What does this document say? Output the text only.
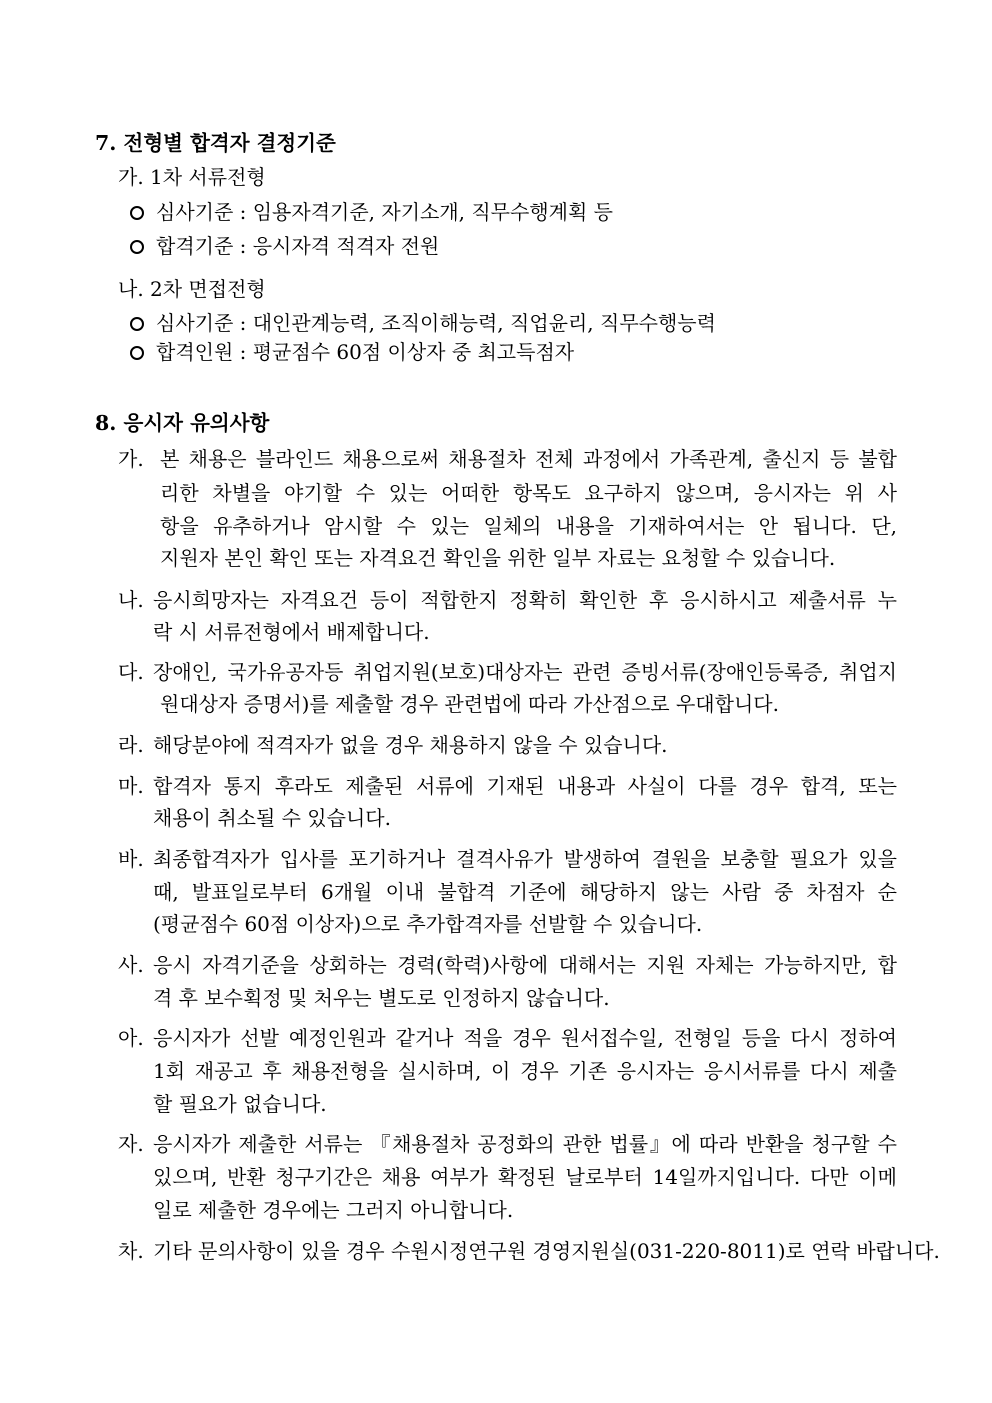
7. 전형별 합격자 결정기준
가. 1차 서류전형
심사기준 : 임용자격기준, 자기소개, 직무수행계획 등
합격기준 : 응시자격 적격자 전원
나. 2차 면접전형
심사기준 : 대인관계능력, 조직이해능력, 직업윤리, 직무수행능력
합격인원 : 평균점수 60점 이상자 중 최고득점자
8. 응시자 유의사항
가. 본 채용은 블라인드 채용으로써 채용절차 전체 과정에서 가족관계, 출신지 등 불합
리한 차별을 야기할 수 있는 어떠한 항목도 요구하지 않으며, 응시자는 위 사
항을 유추하거나 암시할 수 있는 일체의 내용을 기재하여서는 안 됩니다. 단,
지원자 본인 확인 또는 자격요건 확인을 위한 일부 자료는 요청할 수 있습니다.
나. 응시희망자는 자격요건 등이 적합한지 정확히 확인한 후 응시하시고 제출서류 누
락 시 서류전형에서 배제합니다.
다. 장애인, 국가유공자등 취업지원(보호)대상자는 관련 증빙서류(장애인등록증, 취업지
원대상자 증명서)를 제출할 경우 관련법에 따라 가산점으로 우대합니다.
라. 해당분야에 적격자가 없을 경우 채용하지 않을 수 있습니다.
마. 합격자 통지 후라도 제출된 서류에 기재된 내용과 사실이 다를 경우 합격, 또는
채용이 취소될 수 있습니다.
바. 최종합격자가 입사를 포기하거나 결격사유가 발생하여 결원을 보충할 필요가 있을
때, 발표일로부터 6개월 이내 불합격 기준에 해당하지 않는 사람 중 차점자 순
(평균점수 60점 이상자)으로 추가합격자를 선발할 수 있습니다.
사. 응시 자격기준을 상회하는 경력(학력)사항에 대해서는 지원 자체는 가능하지만, 합
격 후 보수획정 및 처우는 별도로 인정하지 않습니다.
아. 응시자가 선발 예정인원과 같거나 적을 경우 원서접수일, 전형일 등을 다시 정하여
1회 재공고 후 채용전형을 실시하며, 이 경우 기존 응시자는 응시서류를 다시 제출
할 필요가 없습니다.
자. 응시자가 제출한 서류는 『채용절차 공정화의 관한 법률』에 따라 반환을 청구할 수
있으며, 반환 청구기간은 채용 여부가 확정된 날로부터 14일까지입니다. 다만 이메
일로 제출한 경우에는 그러지 아니합니다.
차. 기타 문의사항이 있을 경우 수원시정연구원 경영지원실(031-220-8011)로 연락 바랍니다.
